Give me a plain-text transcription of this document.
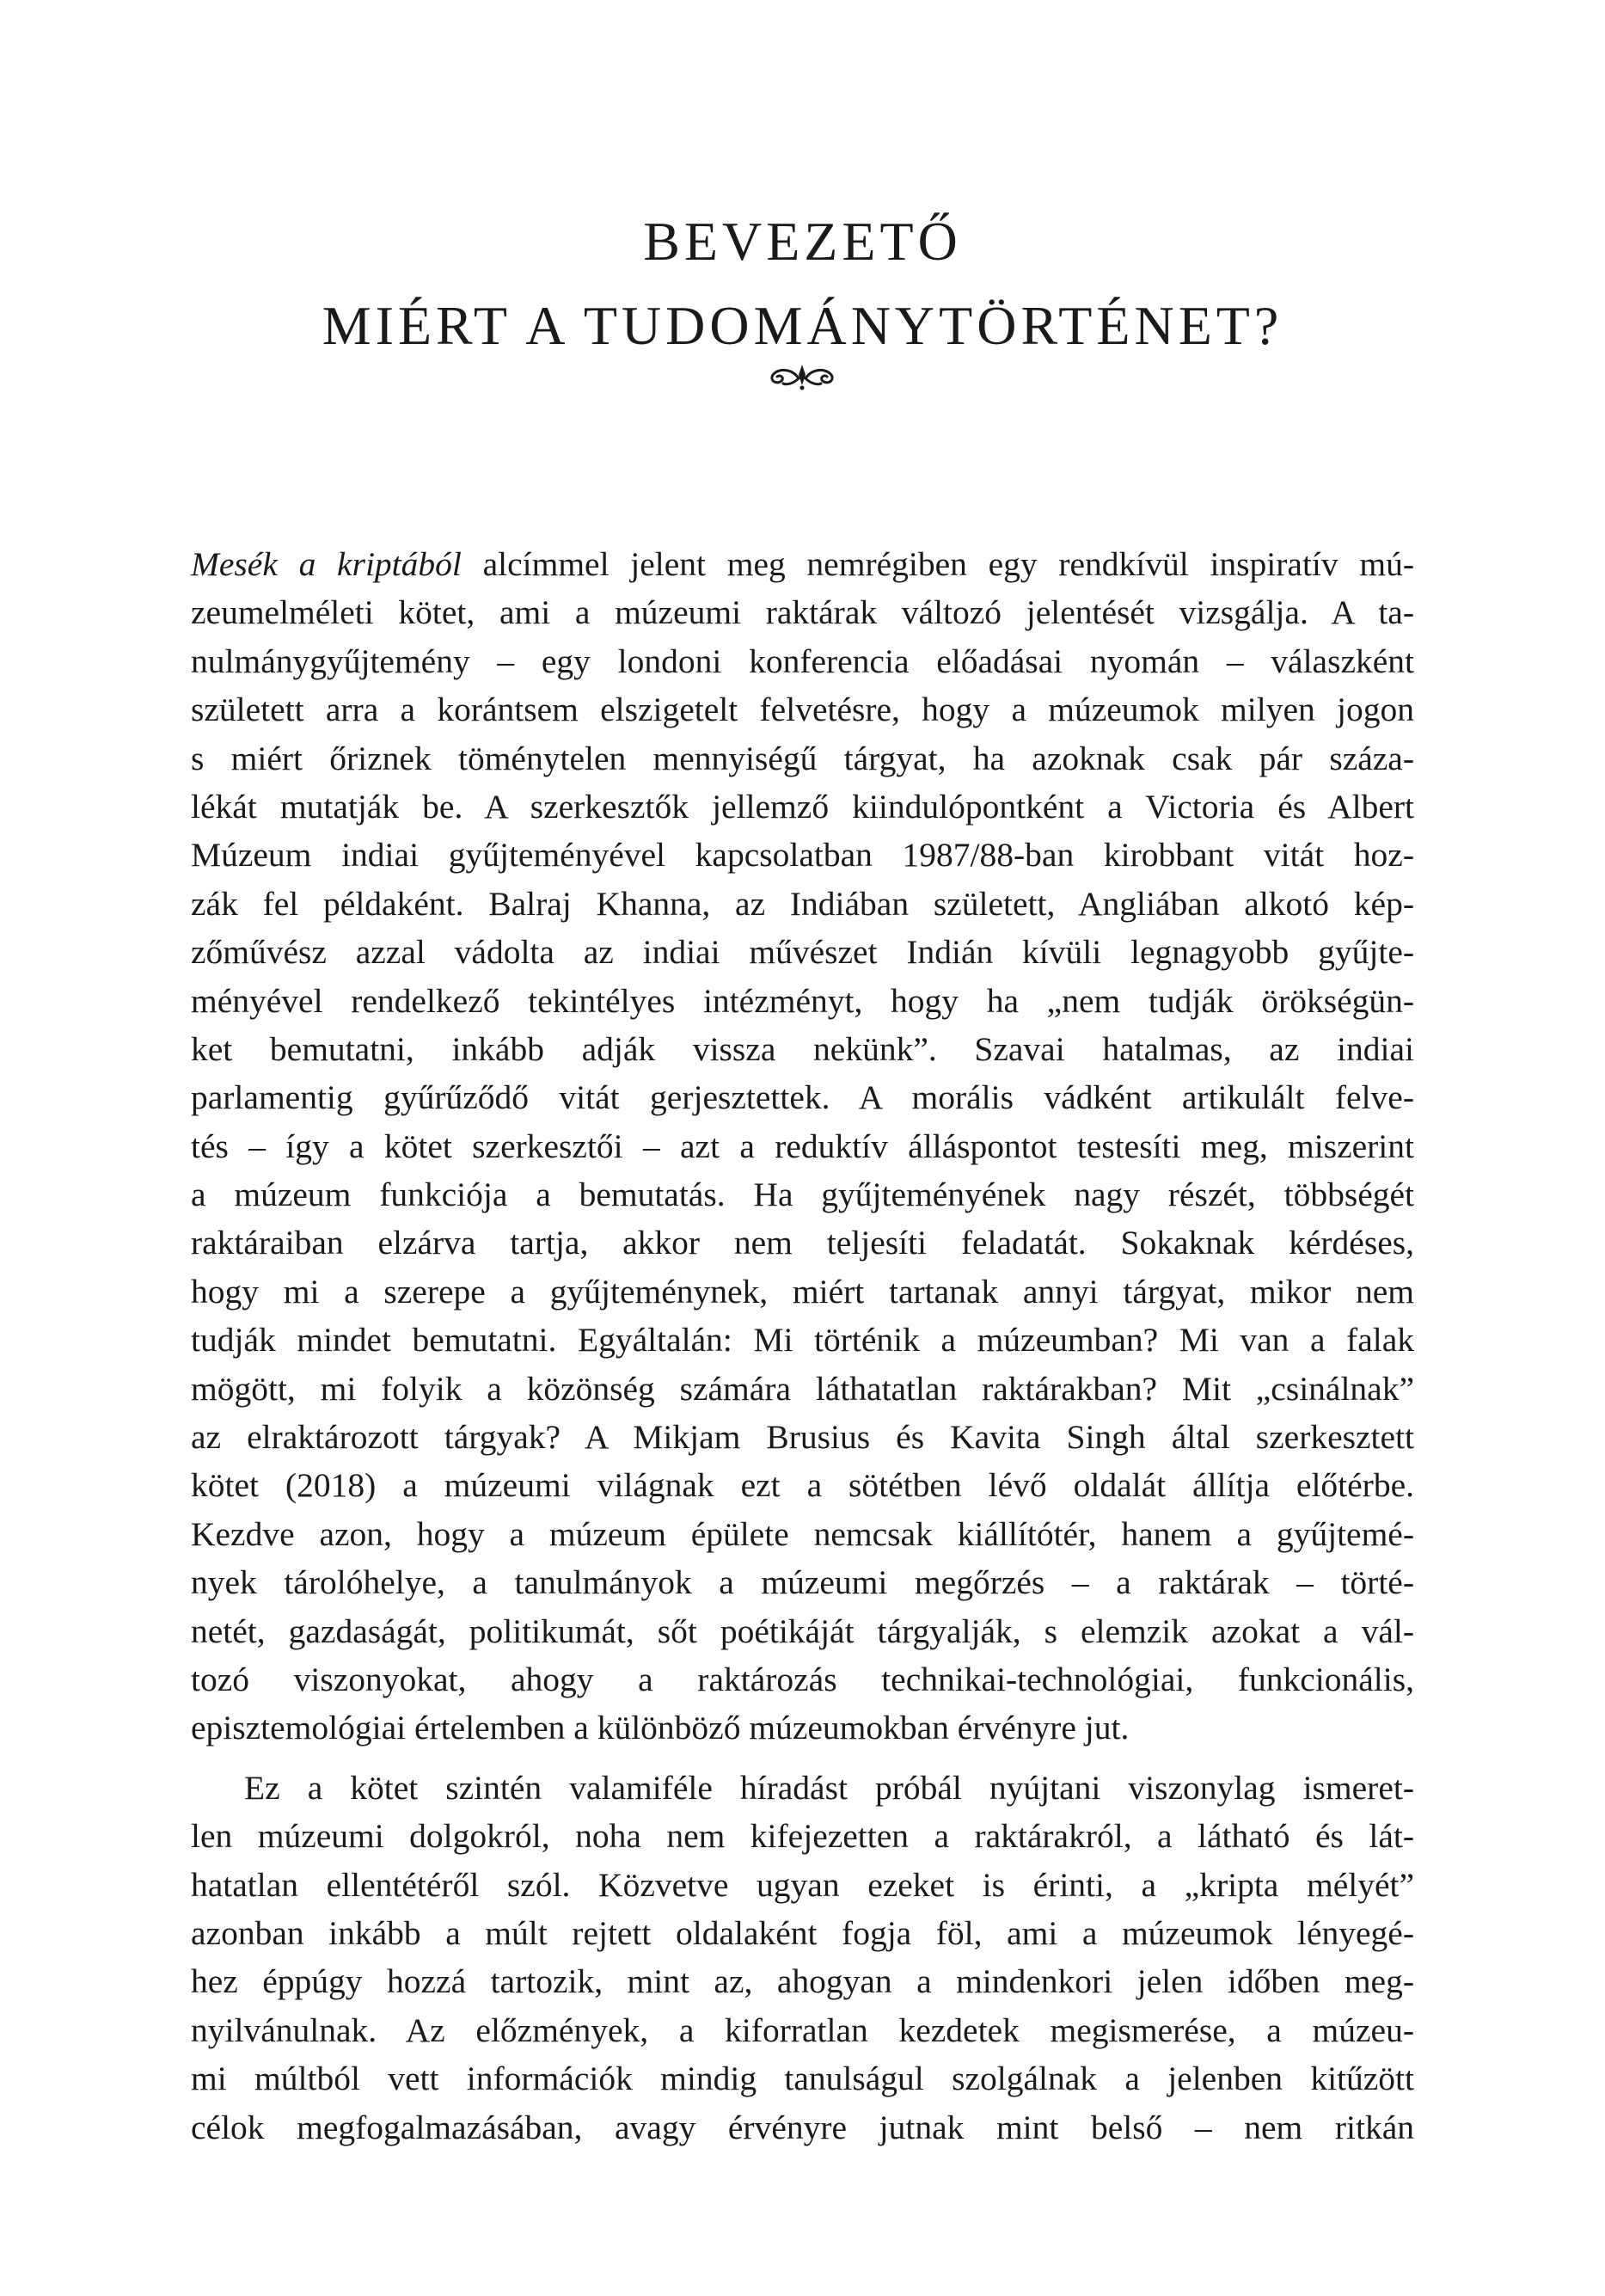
BEVEZETŐ
MIÉRT A TUDOMÁNYTÖRTÉNET?
Mesék a kriptából alcímmel jelent meg nemrégiben egy rendkívül inspiratív mú-
zeumelméleti kötet, ami a múzeumi raktárak változó jelentését vizsgálja. A ta-
nulmánygyűjtemény – egy londoni konferencia előadásai nyomán – válaszként
született arra a korántsem elszigetelt felvetésre, hogy a múzeumok milyen jogon
s miért őriznek töménytelen mennyiségű tárgyat, ha azoknak csak pár száza-
lékát mutatják be. A szerkesztők jellemző kiindulópontként a Victoria és Albert
Múzeum indiai gyűjteményével kapcsolatban 1987/88-ban kirobbant vitát hoz-
zák fel példaként. Balraj Khanna, az Indiában született, Angliában alkotó kép-
zőművész azzal vádolta az indiai művészet Indián kívüli legnagyobb gyűjte-
ményével rendelkező tekintélyes intézményt, hogy ha „nem tudják örökségün-
ket bemutatni, inkább adják vissza nekünk”. Szavai hatalmas, az indiai
parlamentig gyűrűződő vitát gerjesztettek. A morális vádként artikulált felve-
tés – így a kötet szerkesztői – azt a reduktív álláspontot testesíti meg, miszerint
a múzeum funkciója a bemutatás. Ha gyűjteményének nagy részét, többségét
raktáraiban elzárva tartja, akkor nem teljesíti feladatát. Sokaknak kérdéses,
hogy mi a szerepe a gyűjteménynek, miért tartanak annyi tárgyat, mikor nem
tudják mindet bemutatni. Egyáltalán: Mi történik a múzeumban? Mi van a falak
mögött, mi folyik a közönség számára láthatatlan raktárakban? Mit „csinálnak”
az elraktározott tárgyak? A Mikjam Brusius és Kavita Singh által szerkesztett
kötet (2018) a múzeumi világnak ezt a sötétben lévő oldalát állítja előtérbe.
Kezdve azon, hogy a múzeum épülete nemcsak kiállítótér, hanem a gyűjtemé-
nyek tárolóhelye, a tanulmányok a múzeumi megőrzés – a raktárak – törté-
netét, gazdaságát, politikumát, sőt poétikáját tárgyalják, s elemzik azokat a vál-
tozó viszonyokat, ahogy a raktározás technikai-technológiai, funkcionális,
episztemológiai értelemben a különböző múzeumokban érvényre jut.
Ez a kötet szintén valamiféle híradást próbál nyújtani viszonylag ismeret-
len múzeumi dolgokról, noha nem kifejezetten a raktárakról, a látható és lát-
hatatlan ellentétéről szól. Közvetve ugyan ezeket is érinti, a „kripta mélyét”
azonban inkább a múlt rejtett oldalaként fogja föl, ami a múzeumok lényegé-
hez éppúgy hozzá tartozik, mint az, ahogyan a mindenkori jelen időben meg-
nyilvánulnak. Az előzmények, a kiforratlan kezdetek megismerése, a múzeu-
mi múltból vett információk mindig tanulságul szolgálnak a jelenben kitűzött
célok megfogalmazásában, avagy érvényre jutnak mint belső – nem ritkán
